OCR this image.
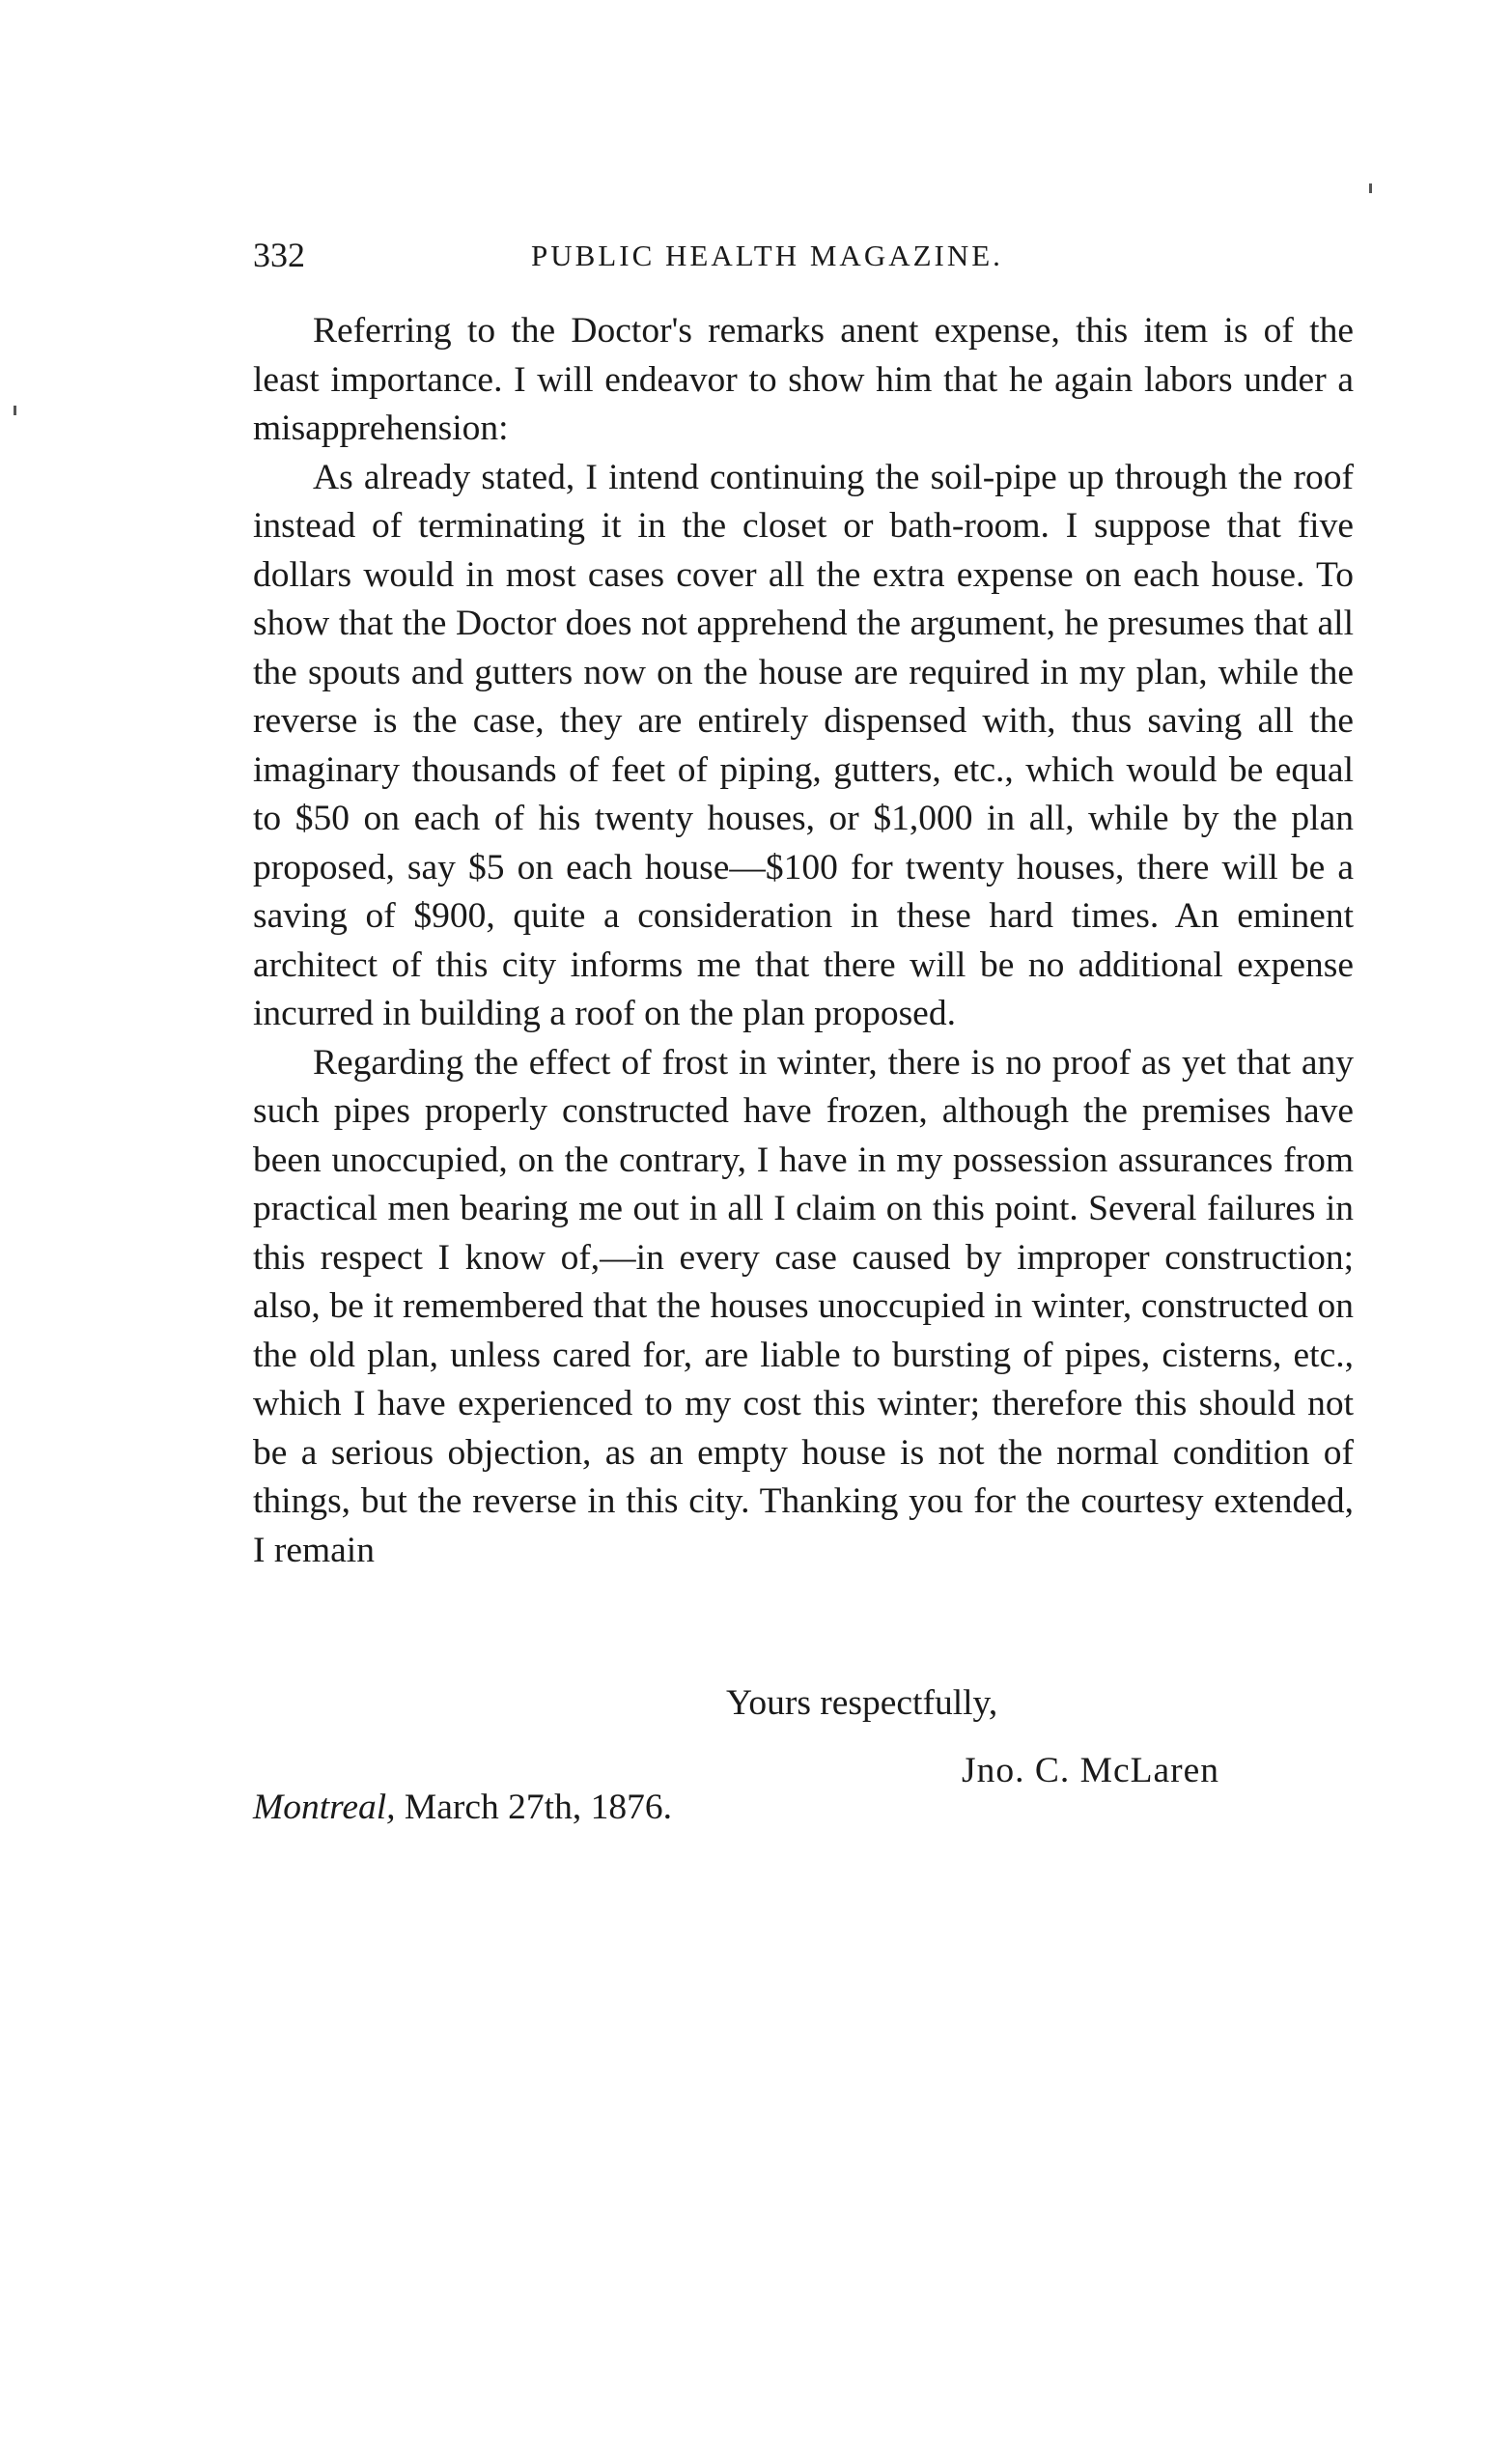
332	PUBLIC HEALTH MAGAZINE.

Referring to the Doctor's remarks anent expense, this item is of the least importance. I will endeavor to show him that he again labors under a misapprehension:

As already stated, I intend continuing the soil-pipe up through the roof instead of terminating it in the closet or bath-room. I suppose that five dollars would in most cases cover all the extra expense on each house. To show that the Doctor does not apprehend the argument, he presumes that all the spouts and gutters now on the house are required in my plan, while the reverse is the case, they are entirely dispensed with, thus saving all the imaginary thousands of feet of piping, gutters, etc., which would be equal to $50 on each of his twenty houses, or $1,000 in all, while by the plan proposed, say $5 on each house—$100 for twenty houses, there will be a saving of $900, quite a consideration in these hard times. An eminent architect of this city informs me that there will be no additional expense incurred in building a roof on the plan proposed.

Regarding the effect of frost in winter, there is no proof as yet that any such pipes properly constructed have frozen, although the premises have been unoccupied, on the contrary, I have in my possession assurances from practical men bearing me out in all I claim on this point. Several failures in this respect I know of,—in every case caused by improper construction; also, be it remembered that the houses unoccupied in winter, constructed on the old plan, unless cared for, are liable to bursting of pipes, cisterns, etc., which I have experienced to my cost this winter; therefore this should not be a serious objection, as an empty house is not the normal condition of things, but the reverse in this city. Thanking you for the courtesy extended, I remain

Yours respectfully,
Jno. C. McLaren
Montreal, March 27th, 1876.
